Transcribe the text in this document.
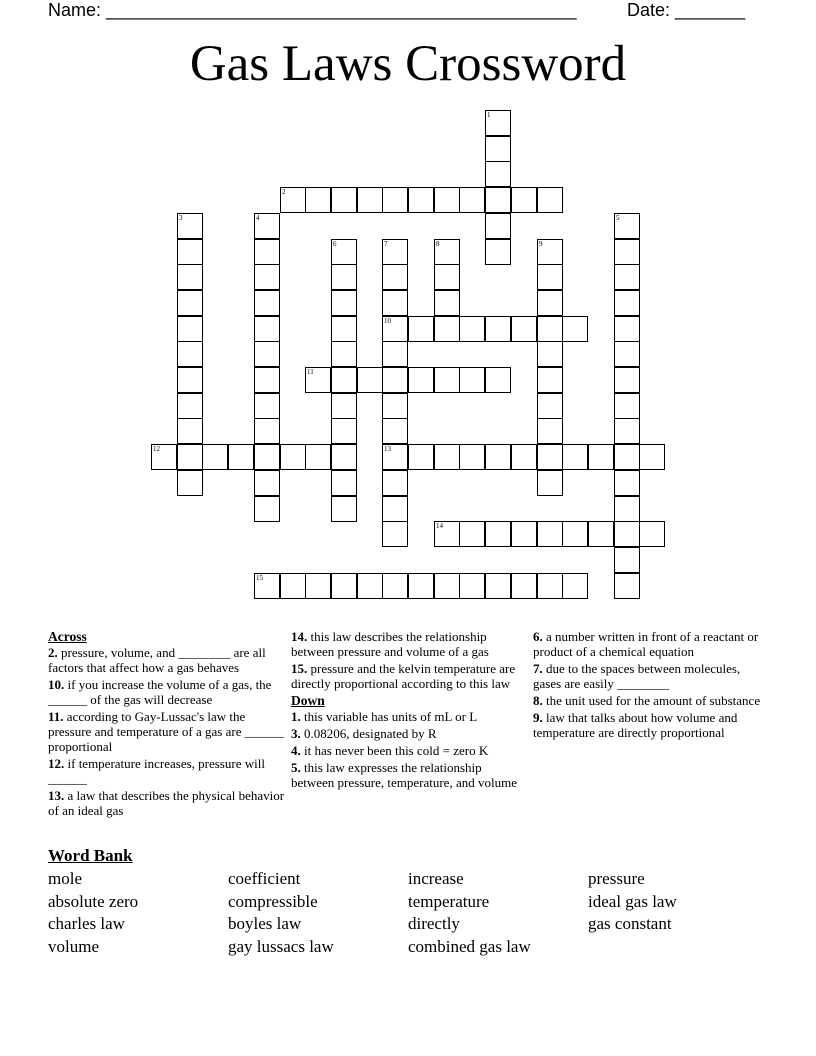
Name: _______________________________________________	Date: _______
Gas Laws Crossword
1
2
3	4	5
6	7
10
13
8	9
11
12
14
15
Across
2. pressure, volume, and ________ are all factors that affect how a gas behaves
10. if you increase the volume of a gas, the ______ of the gas will decrease
11. according to Gay-Lussac's law the pressure and temperature of a gas are ______ proportional
12. if temperature increases, pressure will ______
13. a law that describes the physical behavior of an ideal gas
14. this law describes the relationship between pressure and volume of a gas
15. pressure and the kelvin temperature are directly proportional according to this law
Down
1. this variable has units of mL or L
3. 0.08206, designated by R
4. it has never been this cold = zero K
5. this law expresses the relationship between pressure, temperature, and volume
6. a number written in front of a reactant or product of a chemical equation
7. due to the spaces between molecules, gases are easily ________
8. the unit used for the amount of substance
9. law that talks about how volume and temperature are directly proportional
Word Bank
mole
absolute zero
charles law
volume
coefficient
compressible
boyles law
gay lussacs law
increase
temperature
directly
combined gas law
pressure
ideal gas law
gas constant
